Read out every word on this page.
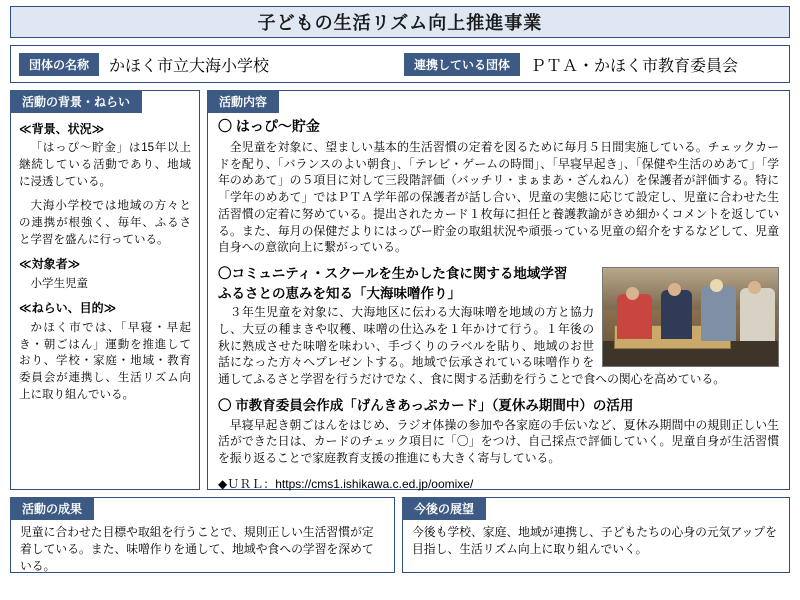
子どもの生活リズム向上推進事業
団体の名称	かほく市立大海小学校	連携している団体	ＰＴＡ・かほく市教育委員会
活動の背景・ねらい
≪背景、状況≫

「はっぴ～貯金」は15年以上継続している活動であり、地域に浸透している。

大海小学校では地域の方々との連携が根強く、毎年、ふるさと学習を盛んに行っている。

≪対象者≫

小学生児童

≪ねらい、目的≫

かほく市では、「早寝・早起き・朝ごはん」運動を推進しており、学校・家庭・地域・教育委員会が連携し、生活リズム向上に取り組んでいる。

活動内容
〇 はっぴ～貯金

全児童を対象に、望ましい基本的生活習慣の定着を図るために毎月５日間実施している。チェックカードを配り、「バランスのよい朝食」、「テレビ・ゲームの時間」、「早寝早起き」、「保健や生活のめあて」「学年のめあて」の５項目に対して三段階評価（バッチリ・まぁまあ・ざんねん）を保護者が評価する。特に「学年のめあて」ではＰＴＡ学年部の保護者が話し合い、児童の実態に応じて設定し、児童に合わせた生活習慣の定着に努めている。提出されたカード１枚毎に担任と養護教諭がきめ細かくコメントを返している。また、毎月の保健だよりにはっぴー貯金の取組状況や頑張っている児童の紹介をするなどして、児童自身への意欲向上に繋がっている。

〇コミュニティ・スクールを生かした食に関する地域学習
ふるさとの恵みを知る「大海味噌作り」

３年生児童を対象に、大海地区に伝わる大海味噌を地域の方と協力し、大豆の種まきや収穫、味噌の仕込みを１年かけて行う。１年後の秋に熟成させた味噌を味わい、手づくりのラベルを貼り、地域のお世話になった方々へプレゼントする。地域で伝承されている味噌作りを通してふるさと学習を行うだけでなく、食に関する活動を行うことで食への関心を高めている。

〇 市教育委員会作成「げんきあっぷカード」（夏休み期間中）の活用

早寝早起き朝ごはんをはじめ、ラジオ体操の参加や各家庭の手伝いなど、夏休み期間中の規則正しい生活ができた日は、カードのチェック項目に「〇」をつけ、自己採点で評価していく。児童自身が生活習慣を振り返ることで家庭教育支援の推進にも大きく寄与している。

◆ＵＲＬ：https://cms1.ishikawa.c.ed.jp/oomixe/
活動の成果
児童に合わせた目標や取組を行うことで、規則正しい生活習慣が定着している。また、味噌作りを通して、地域や食への学習を深めている。
今後の展望
今後も学校、家庭、地域が連携し、子どもたちの心身の元気アップを目指し、生活リズム向上に取り組んでいく。
